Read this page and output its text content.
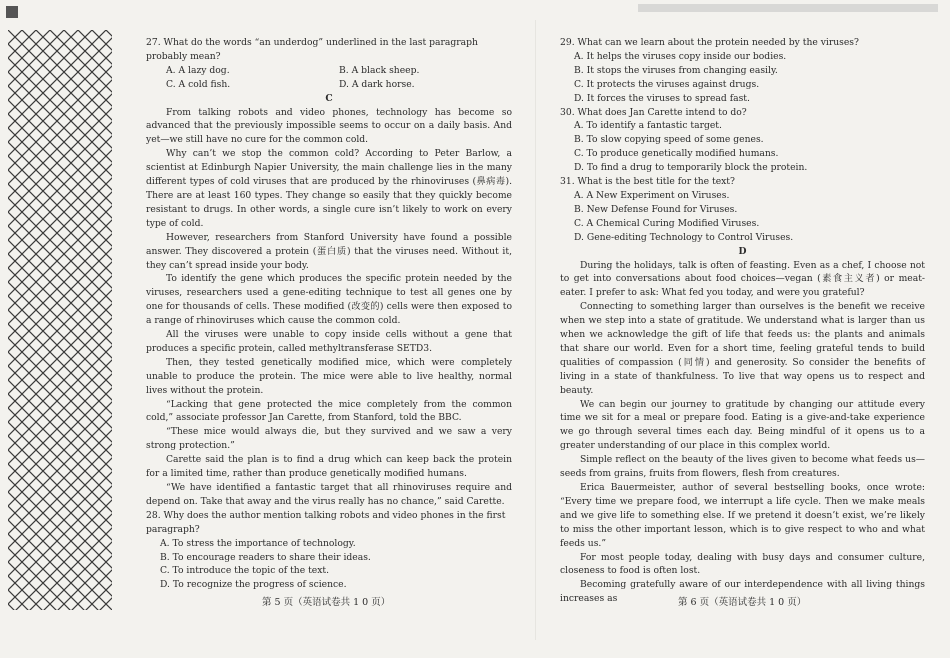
27. What do the words “an underdog” underlined in the last paragraph probably mean?

A. A lazy dog.	B. A black sheep.
C. A cold fish.	D. A dark horse.

C

From talking robots and video phones, technology has become so advanced that the previously impossible seems to occur on a daily basis. And yet—we still have no cure for the common cold.

Why can’t we stop the common cold? According to Peter Barlow, a scientist at Edinburgh Napier University, the main challenge lies in the many different types of cold viruses that are produced by the rhinoviruses (鼻病毒). There are at least 160 types. They change so easily that they quickly become resistant to drugs. In other words, a single cure isn’t likely to work on every type of cold.

However, researchers from Stanford University have found a possible answer. They discovered a protein (蛋白质) that the viruses need. Without it, they can’t spread inside your body.

To identify the gene which produces the specific protein needed by the viruses, researchers used a gene-editing technique to test all genes one by one for thousands of cells. These modified (改变的) cells were then exposed to a range of rhinoviruses which cause the common cold.

All the viruses were unable to copy inside cells without a gene that produces a specific protein, called methyltransferase SETD3.

Then, they tested genetically modified mice, which were completely unable to produce the protein. The mice were able to live healthy, normal lives without the protein.

“Lacking that gene protected the mice completely from the common cold,” associate professor Jan Carette, from Stanford, told the BBC.

“These mice would always die, but they survived and we saw a very strong protection.”

Carette said the plan is to find a drug which can keep back the protein for a limited time, rather than produce genetically modified humans.

“We have identified a fantastic target that all rhinoviruses require and depend on. Take that away and the virus really has no chance,” said Carette.

28. Why does the author mention talking robots and video phones in the first paragraph?

A. To stress the importance of technology.

B. To encourage readers to share their ideas.

C. To introduce the topic of the text.

D. To recognize the progress of science.

第 5 页（英语试卷共 1 0 页）

29. What can we learn about the protein needed by the viruses?

A. It helps the viruses copy inside our bodies.

B. It stops the viruses from changing easily.

C. It protects the viruses against drugs.

D. It forces the viruses to spread fast.

30. What does Jan Carette intend to do?

A. To identify a fantastic target.

B. To slow copying speed of some genes.

C. To produce genetically modified humans.

D. To find a drug to temporarily block the protein.

31. What is the best title for the text?

A. A New Experiment on Viruses.

B. New Defense Found for Viruses.

C. A Chemical Curing Modified Viruses.

D. Gene-editing Technology to Control Viruses.

D

During the holidays, talk is often of feasting. Even as a chef, I choose not to get into conversations about food choices—vegan (素食主义者) or meat-eater. I prefer to ask: What fed you today, and were you grateful?

Connecting to something larger than ourselves is the benefit we receive when we step into a state of gratitude. We understand what is larger than us when we acknowledge the gift of life that feeds us: the plants and animals that share our world. Even for a short time, feeling grateful tends to build qualities of compassion (同情) and generosity. So consider the benefits of living in a state of thankfulness. To live that way opens us to respect and beauty.

We can begin our journey to gratitude by changing our attitude every time we sit for a meal or prepare food. Eating is a give-and-take experience we go through several times each day. Being mindful of it opens us to a greater understanding of our place in this complex world.

Simple reflect on the beauty of the lives given to become what feeds us—seeds from grains, fruits from flowers, flesh from creatures.

Erica Bauermeister, author of several bestselling books, once wrote: “Every time we prepare food, we interrupt a life cycle. Then we make meals and we give life to something else. If we pretend it doesn’t exist, we’re likely to miss the other important lesson, which is to give respect to who and what feeds us.”

For most people today, dealing with busy days and consumer culture, closeness to food is often lost.

Becoming gratefully aware of our interdependence with all living things increases as	第 6 页（英语试卷共 1 0 页）
